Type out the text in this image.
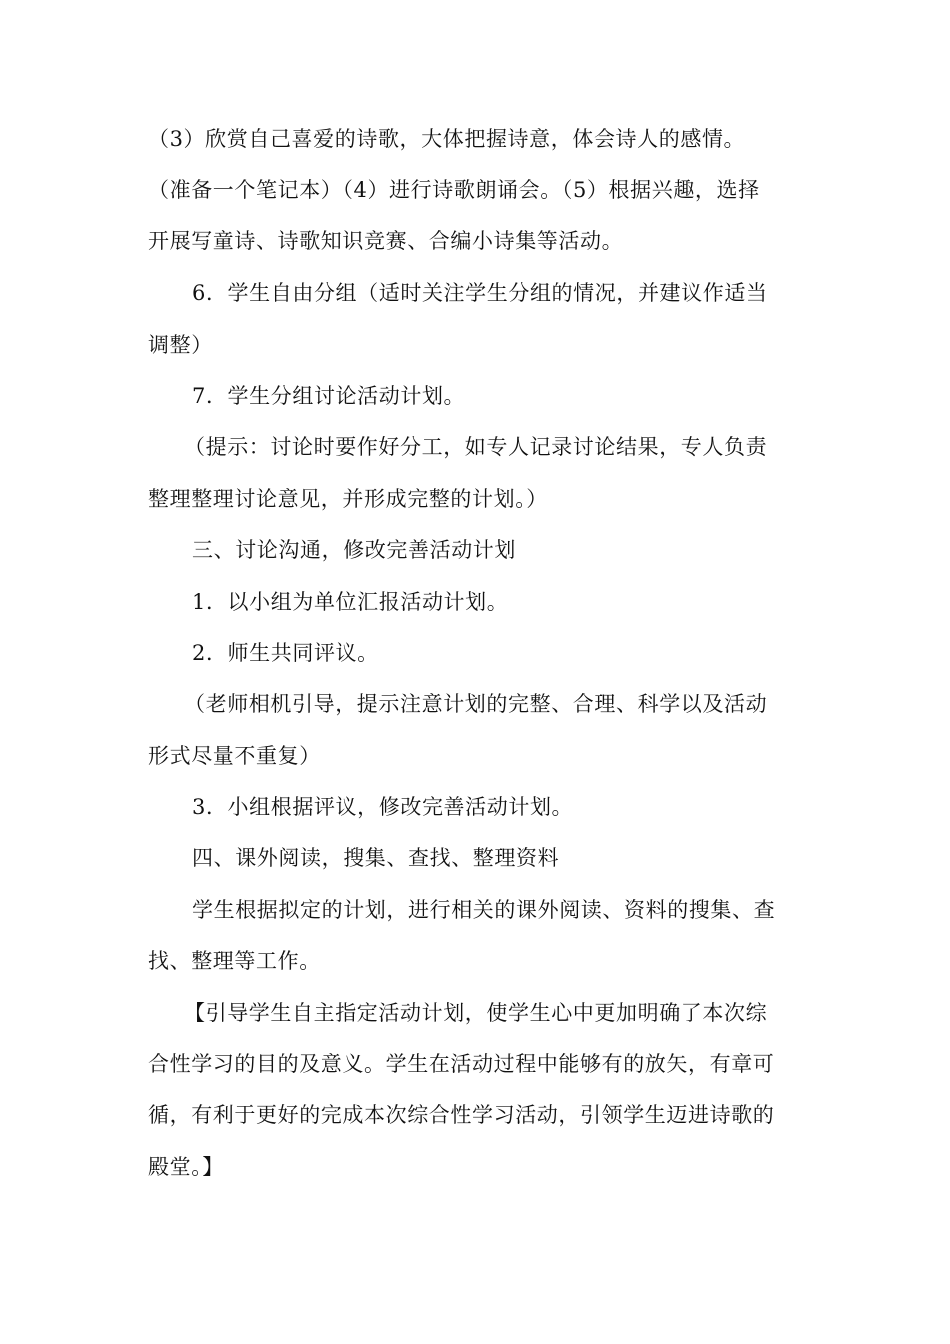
（3）欣赏自己喜爱的诗歌，大体把握诗意，体会诗人的感情。
（准备一个笔记本）（4）进行诗歌朗诵会。（5）根据兴趣，选择
开展写童诗、诗歌知识竞赛、合编小诗集等活动。
6．学生自由分组（适时关注学生分组的情况，并建议作适当
调整）
7．学生分组讨论活动计划。
（提示：讨论时要作好分工，如专人记录讨论结果，专人负责
整理整理讨论意见，并形成完整的计划。）
三、讨论沟通，修改完善活动计划
1．以小组为单位汇报活动计划。
2．师生共同评议。
（老师相机引导，提示注意计划的完整、合理、科学以及活动
形式尽量不重复）
3．小组根据评议，修改完善活动计划。
四、课外阅读，搜集、查找、整理资料
学生根据拟定的计划，进行相关的课外阅读、资料的搜集、查
找、整理等工作。
【引导学生自主指定活动计划，使学生心中更加明确了本次综
合性学习的目的及意义。学生在活动过程中能够有的放矢，有章可
循，有利于更好的完成本次综合性学习活动，引领学生迈进诗歌的
殿堂。】
